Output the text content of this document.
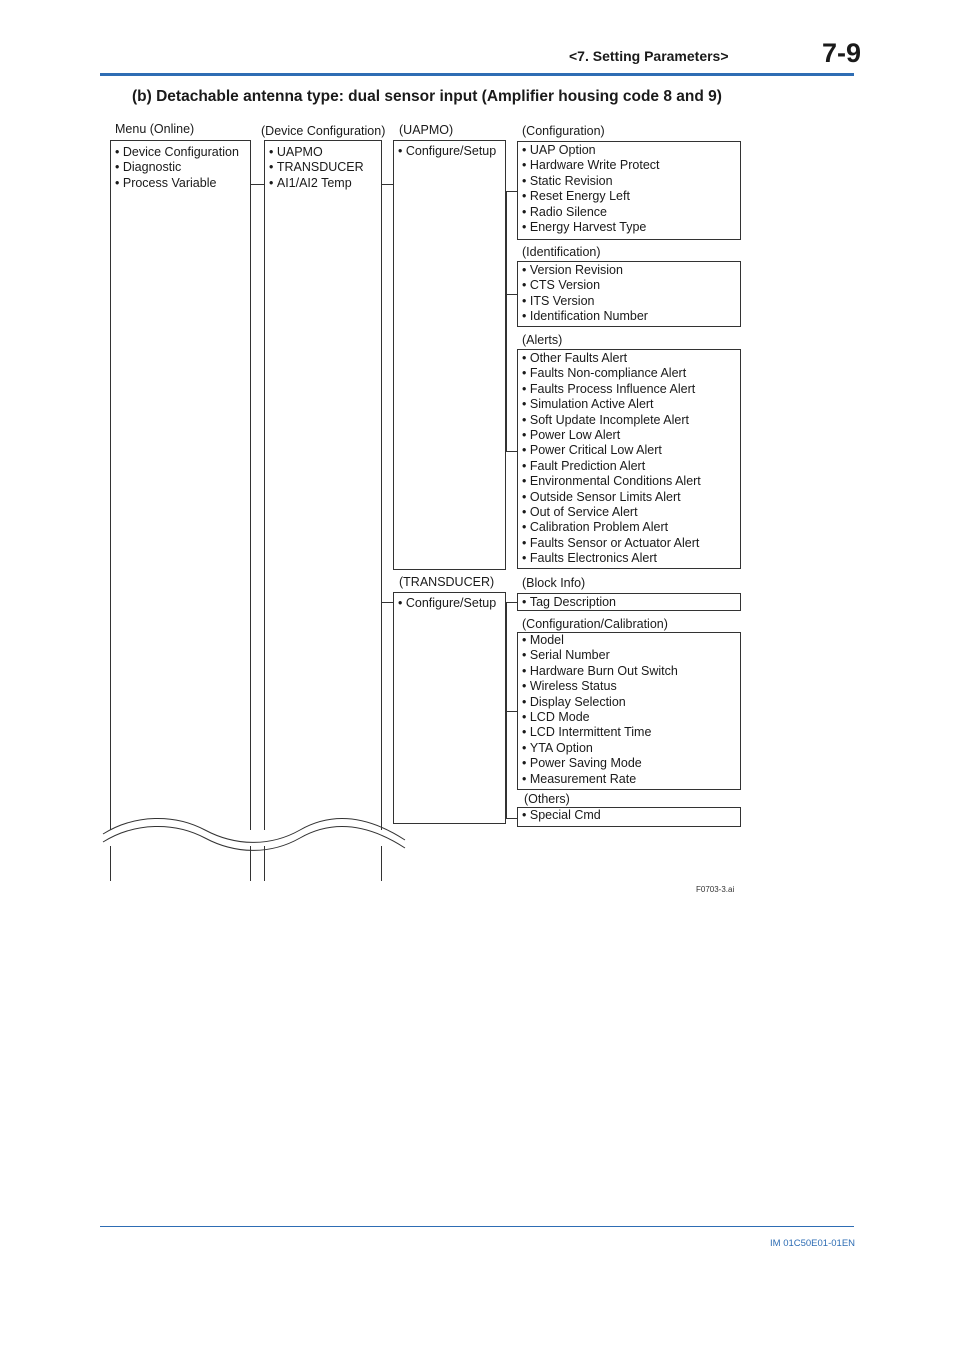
<7. Setting Parameters>	7-9
(b) Detachable antenna type: dual sensor input (Amplifier housing code 8 and 9)
Menu (Online)
• Device Configuration
• Diagnostic
• Process Variable
(Device Configuration)
• UAPMO
• TRANSDUCER
• AI1/AI2 Temp
(UAPMO)
• Configure/Setup
(TRANSDUCER)
• Configure/Setup
(Configuration)
• UAP Option
• Hardware Write Protect
• Static Revision
• Reset Energy Left
• Radio Silence
• Energy Harvest Type
(Identification)
• Version Revision
• CTS Version
• ITS Version
• Identification Number
(Alerts)
• Other Faults Alert
• Faults Non-compliance Alert
• Faults Process Influence Alert
• Simulation Active Alert
• Soft Update Incomplete Alert
• Power Low Alert
• Power Critical Low Alert
• Fault Prediction Alert
• Environmental Conditions Alert
• Outside Sensor Limits Alert
• Out of Service Alert
• Calibration Problem Alert
• Faults Sensor or Actuator Alert
• Faults Electronics Alert
(Block Info)
• Tag Description
(Configuration/Calibration)
• Model
• Serial Number
• Hardware Burn Out Switch
• Wireless Status
• Display Selection
• LCD Mode
• LCD Intermittent Time
• YTA Option
• Power Saving Mode
• Measurement Rate
(Others)
• Special Cmd
F0703-3.ai
IM 01C50E01-01EN
